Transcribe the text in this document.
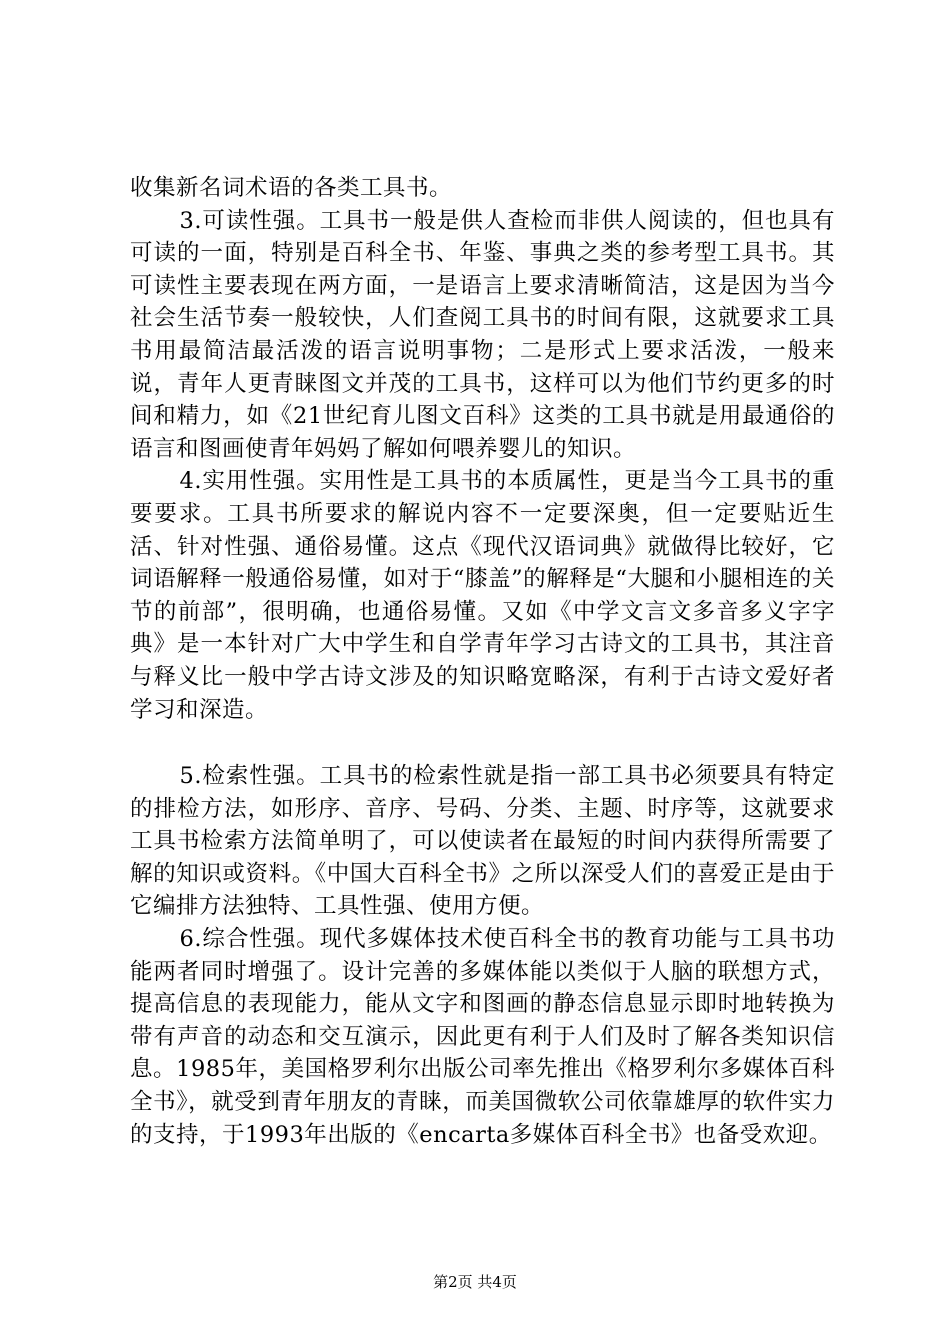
收集新名词术语的各类工具书。

3.可读性强。工具书一般是供人查检而非供人阅读的，但也具有可读的一面，特别是百科全书、年鉴、事典之类的参考型工具书。其可读性主要表现在两方面，一是语言上要求清晰简洁，这是因为当今社会生活节奏一般较快，人们查阅工具书的时间有限，这就要求工具书用最简洁最活泼的语言说明事物；二是形式上要求活泼，一般来说，青年人更青睐图文并茂的工具书，这样可以为他们节约更多的时间和精力，如《21世纪育儿图文百科》这类的工具书就是用最通俗的语言和图画使青年妈妈了解如何喂养婴儿的知识。

4.实用性强。实用性是工具书的本质属性，更是当今工具书的重要要求。工具书所要求的解说内容不一定要深奥，但一定要贴近生活、针对性强、通俗易懂。这点《现代汉语词典》就做得比较好，它词语解释一般通俗易懂，如对于“膝盖”的解释是“大腿和小腿相连的关节的前部”，很明确，也通俗易懂。又如《中学文言文多音多义字字典》是一本针对广大中学生和自学青年学习古诗文的工具书，其注音与释义比一般中学古诗文涉及的知识略宽略深，有利于古诗文爱好者学习和深造。

5.检索性强。工具书的检索性就是指一部工具书必须要具有特定的排检方法，如形序、音序、号码、分类、主题、时序等，这就要求工具书检索方法简单明了，可以使读者在最短的时间内获得所需要了解的知识或资料。《中国大百科全书》之所以深受人们的喜爱正是由于它编排方法独特、工具性强、使用方便。

6.综合性强。现代多媒体技术使百科全书的教育功能与工具书功能两者同时增强了。设计完善的多媒体能以类似于人脑的联想方式，提高信息的表现能力，能从文字和图画的静态信息显示即时地转换为带有声音的动态和交互演示，因此更有利于人们及时了解各类知识信息。1985年，美国格罗利尔出版公司率先推出《格罗利尔多媒体百科全书》，就受到青年朋友的青睐，而美国微软公司依靠雄厚的软件实力的支持，于1993年出版的《encarta多媒体百科全书》也备受欢迎。

第2页 共4页
